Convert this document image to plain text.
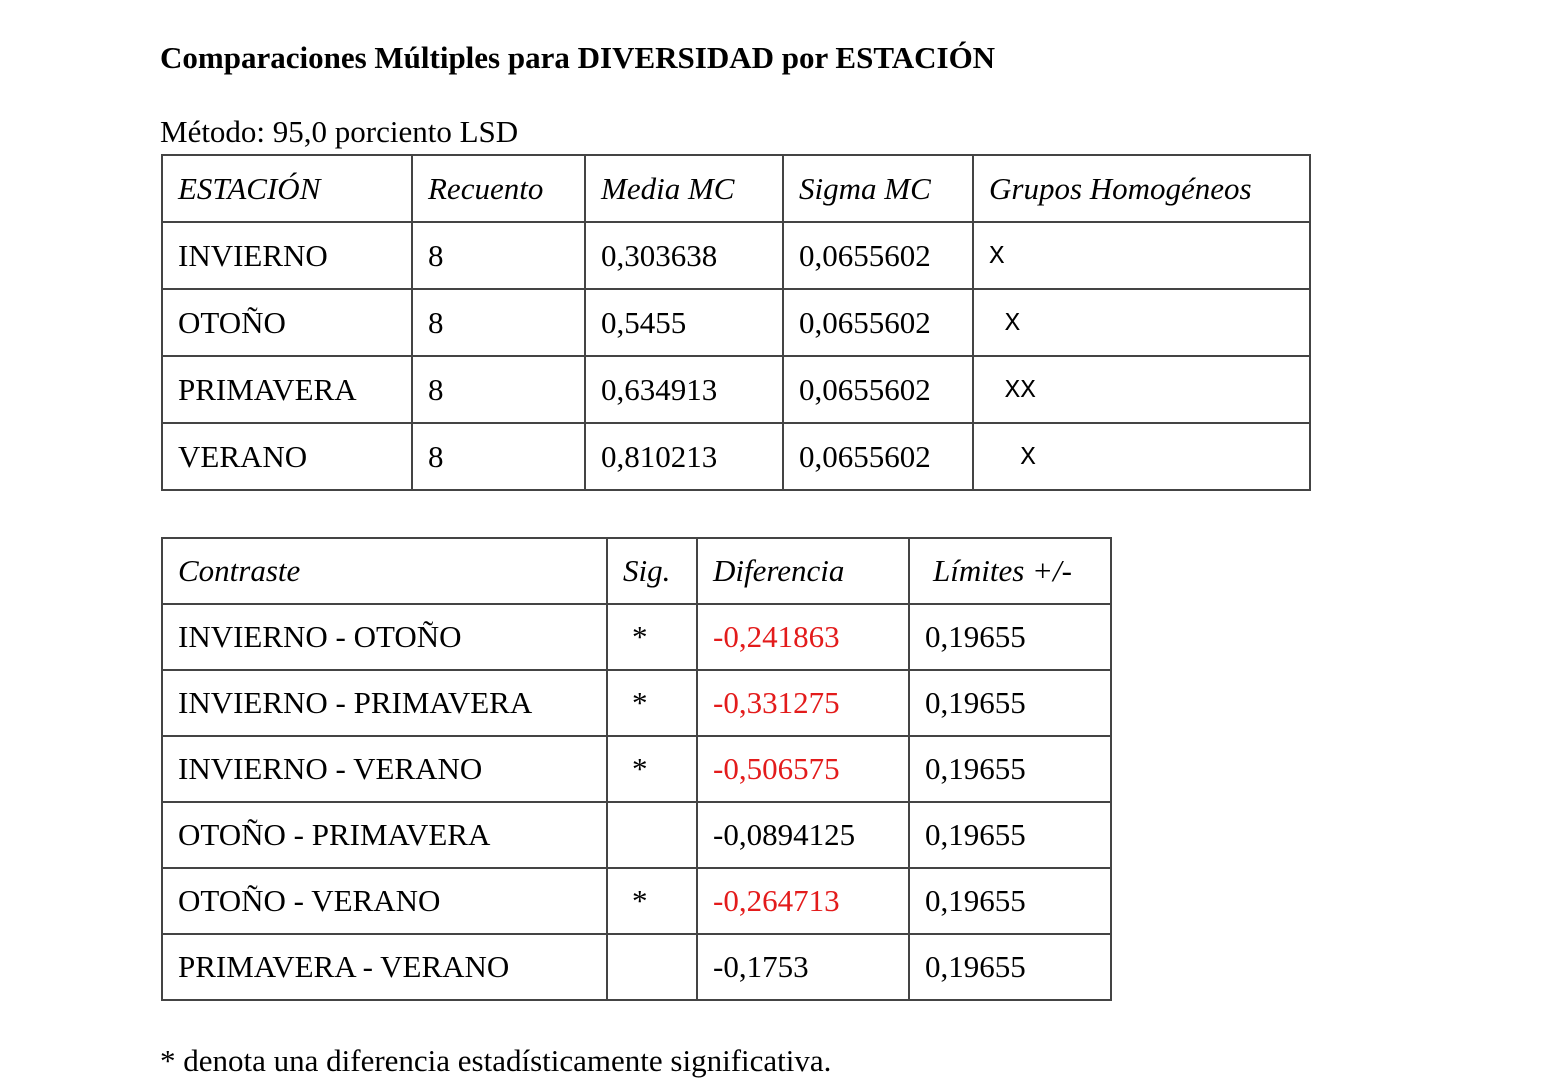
Comparaciones Múltiples para DIVERSIDAD por ESTACIÓN
Método: 95,0 porciento LSD
ESTACIÓN	Recuento	Media MC	Sigma MC	Grupos Homogéneos
INVIERNO	8	0,303638	0,0655602	X
OTOÑO	8	0,5455	0,0655602	X
PRIMAVERA	8	0,634913	0,0655602	XX
VERANO	8	0,810213	0,0655602	X
Contraste	Sig.	Diferencia	Límites +/-
INVIERNO - OTOÑO	*	-0,241863	0,19655
INVIERNO - PRIMAVERA	*	-0,331275	0,19655
INVIERNO - VERANO	*	-0,506575	0,19655
OTOÑO - PRIMAVERA		-0,0894125	0,19655
OTOÑO - VERANO	*	-0,264713	0,19655
PRIMAVERA - VERANO		-0,1753	0,19655
* denota una diferencia estadísticamente significativa.
